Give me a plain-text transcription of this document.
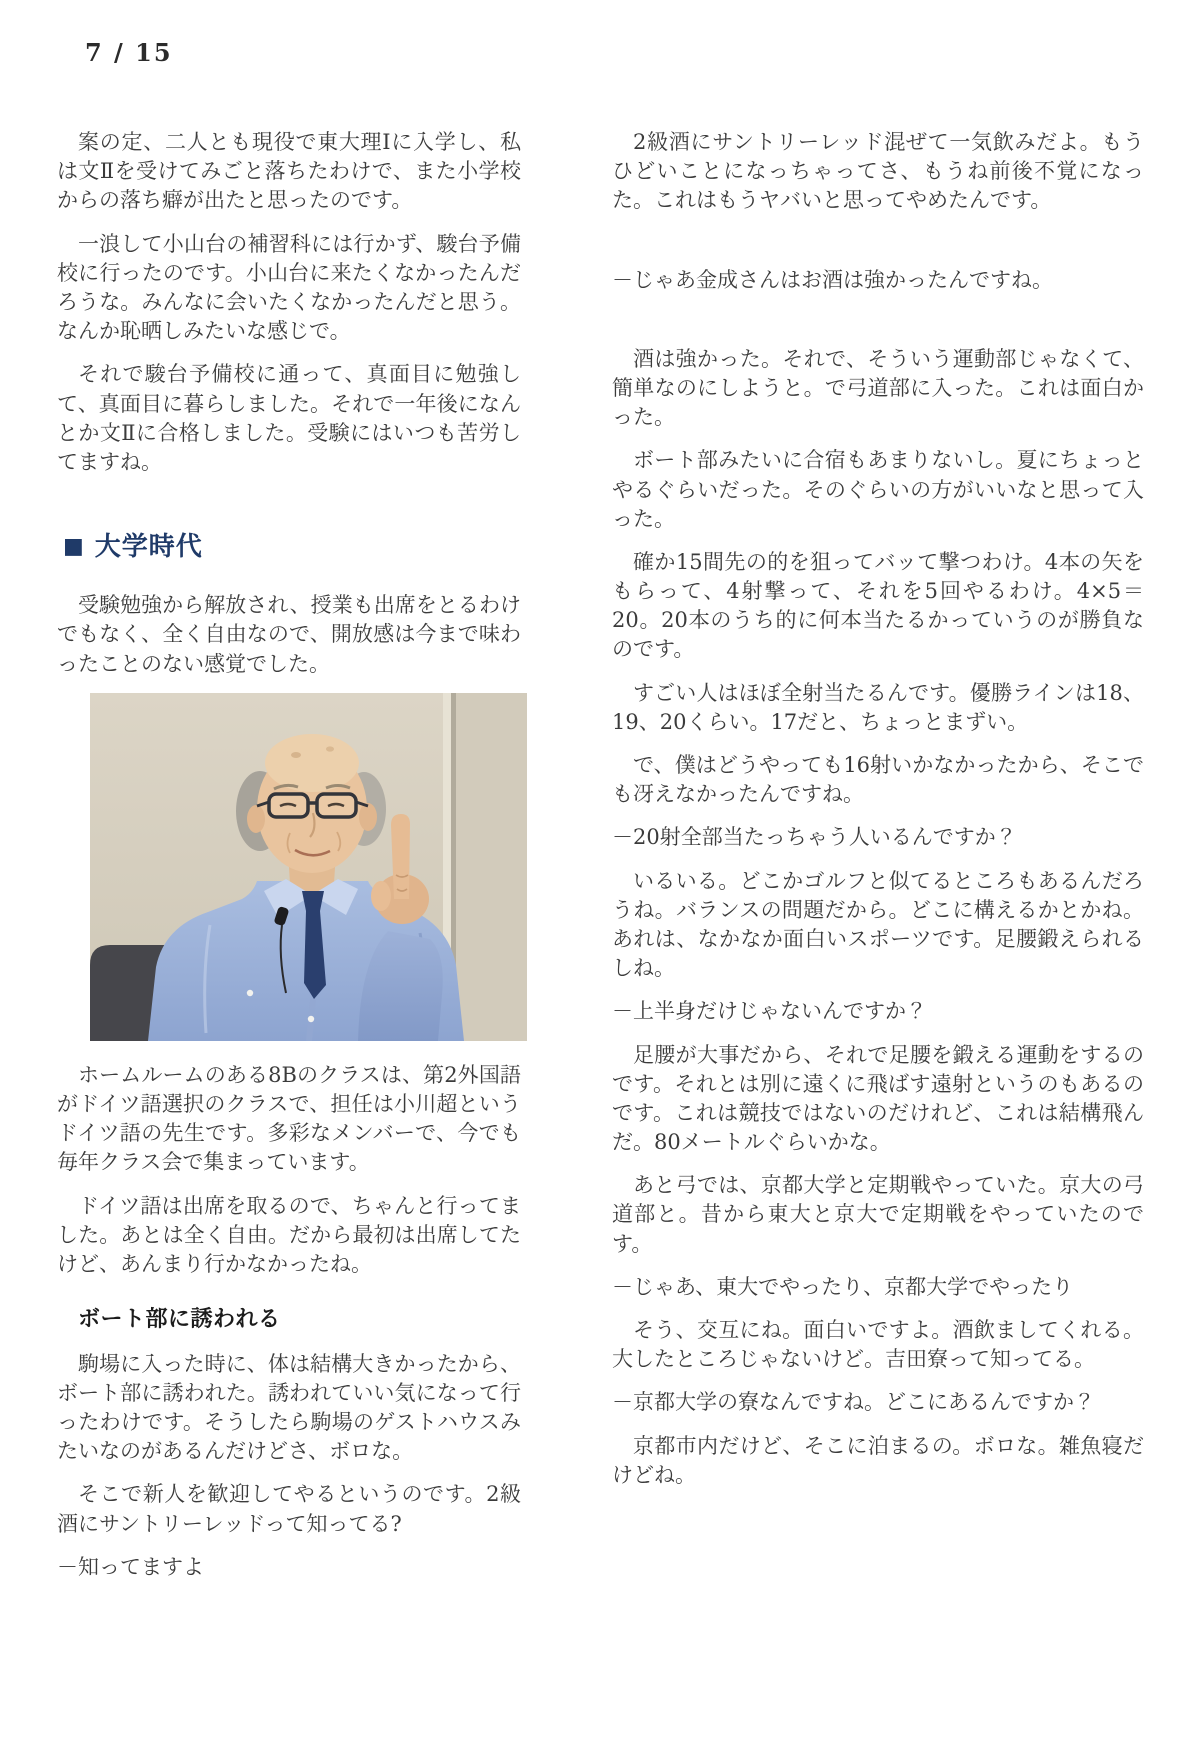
7 / 15

案の定、二人とも現役で東大理Ⅰに入学し、私は文Ⅱを受けてみごと落ちたわけで、また小学校からの落ち癖が出たと思ったのです。

一浪して小山台の補習科には行かず、駿台予備校に行ったのです。小山台に来たくなかったんだろうな。みんなに会いたくなかったんだと思う。なんか恥晒しみたいな感じで。

それで駿台予備校に通って、真面目に勉強して、真面目に暮らしました。それで一年後になんとか文Ⅱに合格しました。受験にはいつも苦労してますね。

■ 大学時代

受験勉強から解放され、授業も出席をとるわけでもなく、全く自由なので、開放感は今まで味わったことのない感覚でした。

ホームルームのある8Bのクラスは、第2外国語がドイツ語選択のクラスで、担任は小川超というドイツ語の先生です。多彩なメンバーで、今でも毎年クラス会で集まっています。

ドイツ語は出席を取るので、ちゃんと行ってました。あとは全く自由。だから最初は出席してたけど、あんまり行かなかったね。

ボート部に誘われる

駒場に入った時に、体は結構大きかったから、ボート部に誘われた。誘われていい気になって行ったわけです。そうしたら駒場のゲストハウスみたいなのがあるんだけどさ、ボロな。

そこで新人を歓迎してやるというのです。2級酒にサントリーレッドって知ってる?

－知ってますよ

2級酒にサントリーレッド混ぜて一気飲みだよ。もうひどいことになっちゃってさ、もうね前後不覚になった。これはもうヤバいと思ってやめたんです。

－じゃあ金成さんはお酒は強かったんですね。

酒は強かった。それで、そういう運動部じゃなくて、簡単なのにしようと。で弓道部に入った。これは面白かった。

ボート部みたいに合宿もあまりないし。夏にちょっとやるぐらいだった。そのぐらいの方がいいなと思って入った。

確か15間先の的を狙ってバッて撃つわけ。4本の矢をもらって、4射撃って、それを5回やるわけ。4×5＝20。20本のうち的に何本当たるかっていうのが勝負なのです。

すごい人はほぼ全射当たるんです。優勝ラインは18、19、20くらい。17だと、ちょっとまずい。

で、僕はどうやっても16射いかなかったから、そこでも冴えなかったんですね。

－20射全部当たっちゃう人いるんですか？

いるいる。どこかゴルフと似てるところもあるんだろうね。バランスの問題だから。どこに構えるかとかね。あれは、なかなか面白いスポーツです。足腰鍛えられるしね。

－上半身だけじゃないんですか？

足腰が大事だから、それで足腰を鍛える運動をするのです。それとは別に遠くに飛ばす遠射というのもあるのです。これは競技ではないのだけれど、これは結構飛んだ。80メートルぐらいかな。

あと弓では、京都大学と定期戦やっていた。京大の弓道部と。昔から東大と京大で定期戦をやっていたのです。

－じゃあ、東大でやったり、京都大学でやったり

そう、交互にね。面白いですよ。酒飲ましてくれる。大したところじゃないけど。吉田寮って知ってる。

－京都大学の寮なんですね。どこにあるんですか？

京都市内だけど、そこに泊まるの。ボロな。雑魚寝だけどね。
